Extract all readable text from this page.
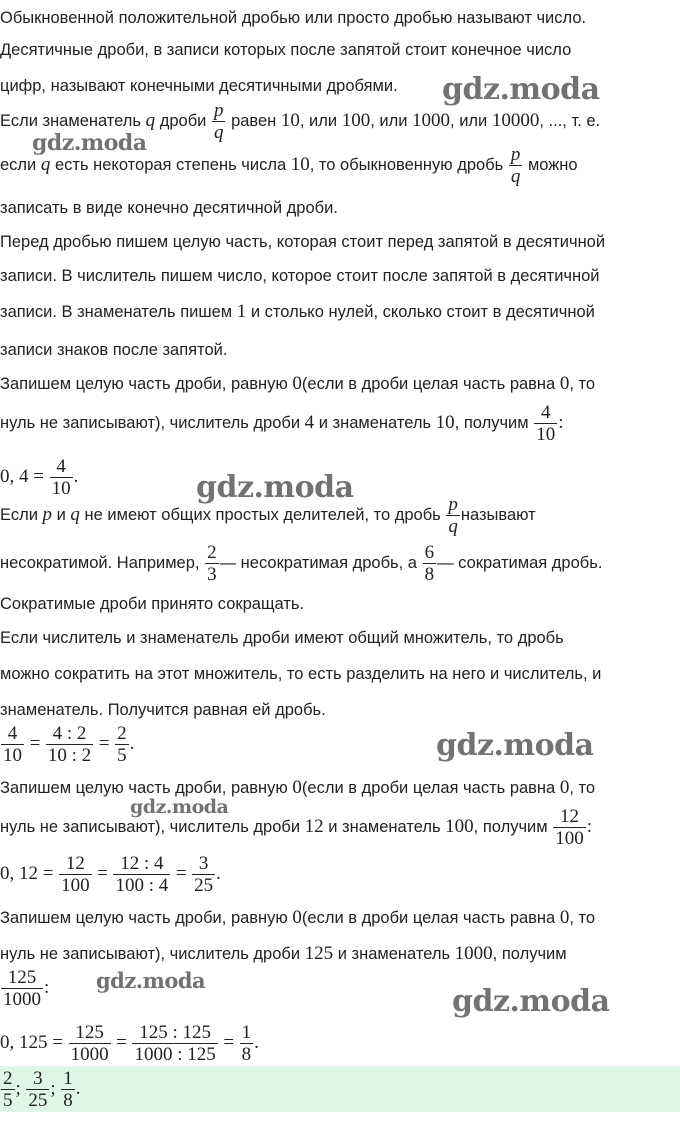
Обыкновенной положительной дробью или просто дробью называют число.
Десятичные дроби, в записи которых после запятой стоит конечное число
цифр, называют конечными десятичными дробями.
Если знаменатель q дроби $\frac{p}{q}$ равен 10, или 100, или 1000, или 10000, ..., т. е.
если q есть некоторая степень числа 10, то обыкновенную дробь $\frac{p}{q}$ можно
записать в виде конечно десятичной дроби.
Перед дробью пишем целую часть, которая стоит перед запятой в десятичной
записи. В числитель пишем число, которое стоит после запятой в десятичной
записи. В знаменатель пишем 1 и столько нулей, сколько стоит в десятичной
записи знаков после запятой.
Запишем целую часть дроби, равную 0(если в дроби целая часть равна 0, то
нуль не записывают), числитель дроби 4 и знаменатель 10, получим $\frac{4}{10}$ :
0, $4 = \frac{4}{10}$ .
Если p и q не имеют общих простых делителей, то дробь $\frac{p}{q}$ называют
несократимой. Например, $\frac{2}{3}$ — несократимая дробь, а $\frac{6}{8}$ — сократимая дробь.
Сократимые дроби принято сокращать.
Если числитель и знаменатель дроби имеют общий множитель, то дробь
можно сократить на этот множитель, то есть разделить на него и числитель, и
знаменатель. Получится равная ей дробь.
$\frac{4}{10} = \frac{4 : 2}{10 : 2} = \frac{2}{5}$ .
Запишем целую часть дроби, равную 0(если в дроби целая часть равна 0, то
нуль не записывают), числитель дроби 12 и знаменатель 100, получим $\frac{12}{100}$ :
0, $12 = \frac{12}{100} = \frac{12 : 4}{100 : 4} = \frac{3}{25}$ .
Запишем целую часть дроби, равную 0(если в дроби целая часть равна 0, то
нуль не записывают), числитель дроби 125 и знаменатель 1000, получим
$\frac{125}{1000}$ :
0, $125 = \frac{125}{1000} = \frac{125 : 125}{1000 : 125} = \frac{1}{8}$ .
$\frac{2}{5}$ ; $\frac{3}{25}$ ; $\frac{1}{8}$ .
gdz.moda
gdz.moda
gdz.moda
gdz.moda
gdz.moda
gdz.moda
gdz.moda
